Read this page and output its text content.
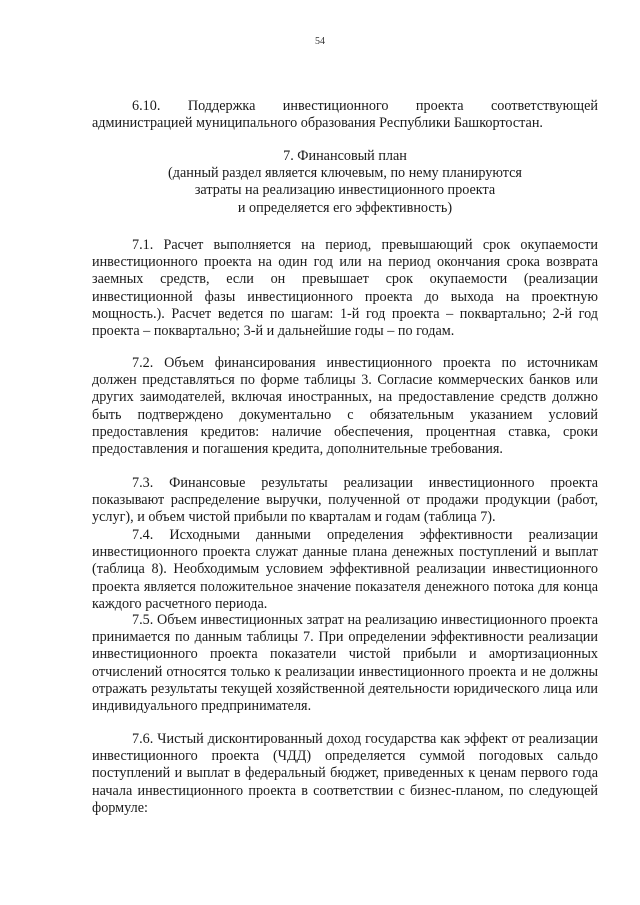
54

6.10. Поддержка инвестиционного проекта соответствующей администрацией муниципального образования Республики Башкортостан.

7. Финансовый план

(данный раздел является ключевым, по нему планируются

затраты на реализацию инвестиционного проекта

и определяется его эффективность)

7.1. Расчет выполняется на период, превышающий срок окупаемости инвестиционного проекта на один год или на период окончания срока возврата заемных средств, если он превышает срок окупаемости (реализации инвестиционной фазы инвестиционного проекта до выхода на проектную мощность.). Расчет ведется по шагам: 1-й год проекта – поквартально; 2-й год проекта – поквартально; 3-й и дальнейшие годы – по годам.

7.2. Объем финансирования инвестиционного проекта по источникам должен представляться по форме таблицы 3. Согласие коммерческих банков или других заимодателей, включая иностранных, на предоставление средств должно быть подтверждено документально с обязательным указанием условий предоставления кредитов: наличие обеспечения, процентная ставка, сроки предоставления и погашения кредита, дополнительные требования.

7.3. Финансовые результаты реализации инвестиционного проекта показывают распределение выручки, полученной от продажи продукции (работ, услуг), и объем чистой прибыли по кварталам и годам (таблица 7).

7.4. Исходными данными определения эффективности реализации инвестиционного проекта служат данные плана денежных поступлений и выплат (таблица 8). Необходимым условием эффективной реализации инвестиционного проекта является положительное значение показателя денежного потока для конца каждого расчетного периода.

7.5. Объем инвестиционных затрат на реализацию инвестиционного проекта принимается по данным таблицы 7. При определении эффективности реализации инвестиционного проекта показатели чистой прибыли и амортизационных отчислений относятся только к реализации инвестиционного проекта и не должны отражать результаты текущей хозяйственной деятельности юридического лица или индивидуального предпринимателя.

7.6. Чистый дисконтированный доход государства как эффект от реализации инвестиционного проекта (ЧДД) определяется суммой погодовых сальдо поступлений и выплат в федеральный бюджет, приведенных к ценам первого года начала инвестиционного проекта в соответствии с бизнес-планом, по следующей формуле:
